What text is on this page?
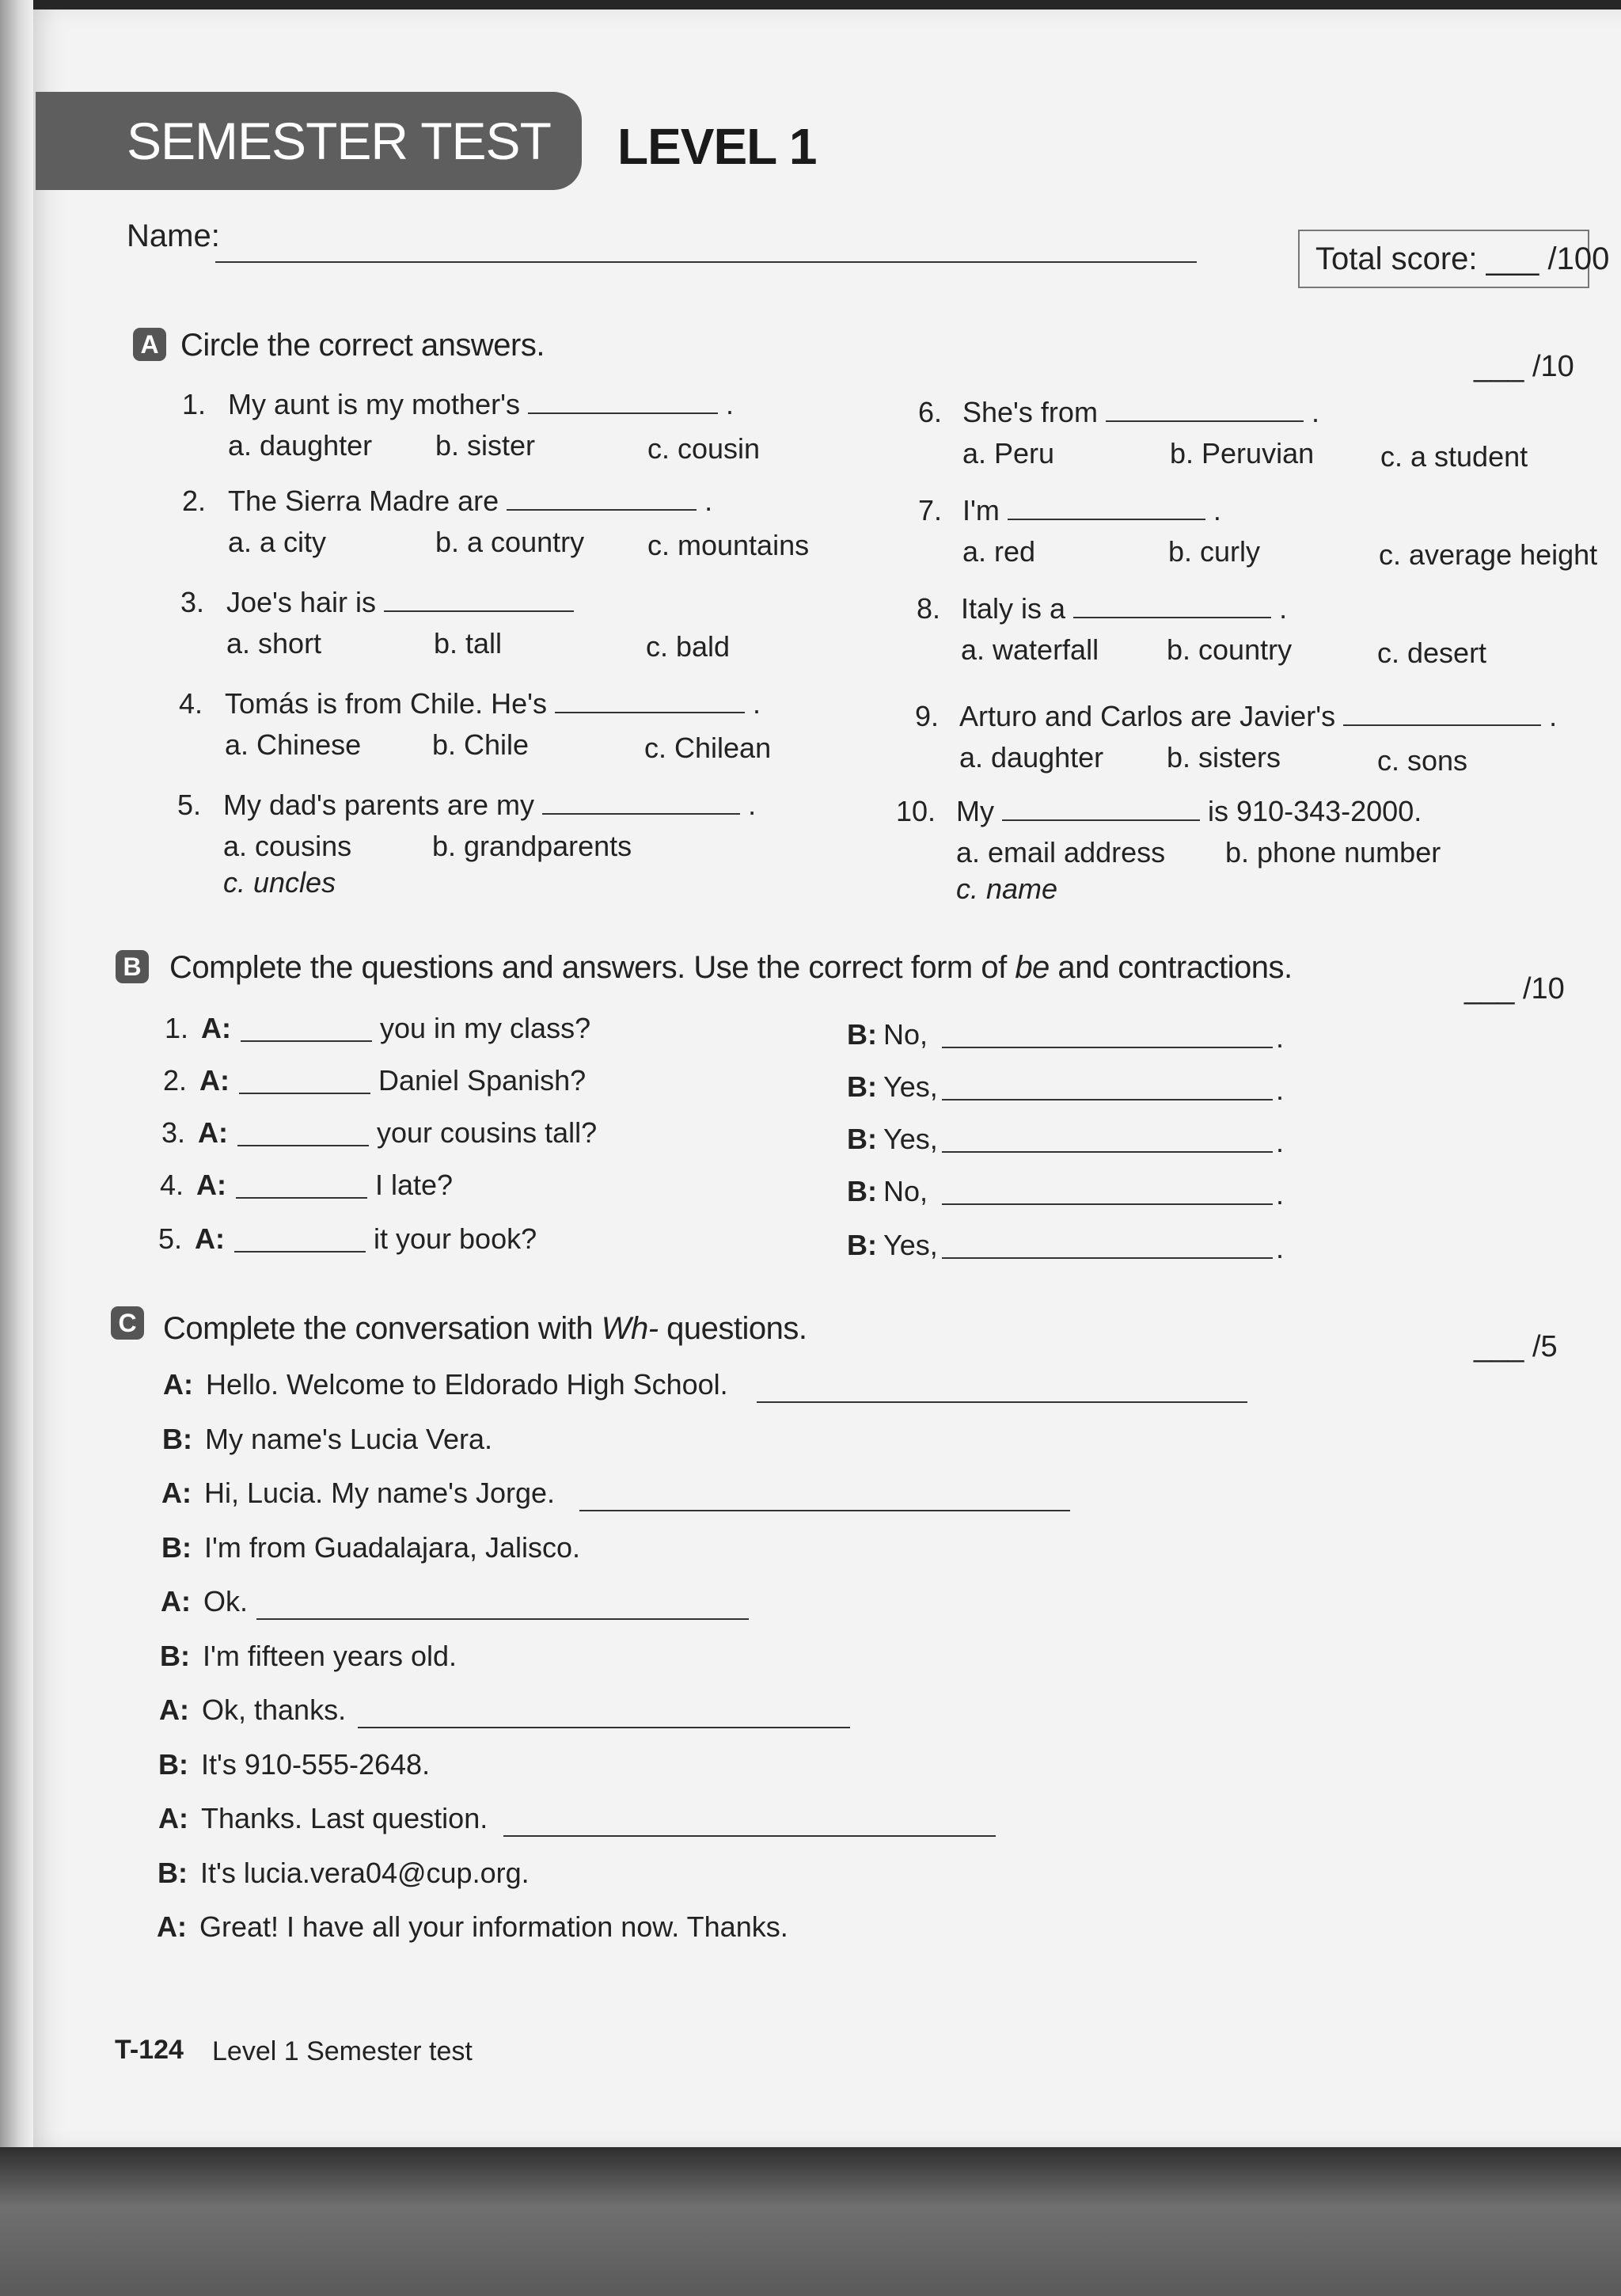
SEMESTER TEST LEVEL 1
Name:
Total score: ___ /100
A Circle the correct answers.
___ /10
1. My aunt is my mother's	.
a. daughter b. sister	c. cousin
2. The Sierra Madre are	.
a. a city	b. a country c. mountains
3. Joe's hair is
a. short	b. tall	c. bald
4. Tomás is from Chile. He's	.
a. Chinese b. Chile	c. Chilean
5. My dad's parents are my	.
a. cousins	b. grandparents
c. uncles
6. She's from	.
a. Peru	b. Peruvian c. a student
7. I'm	.
a. red	b. curly	c. average height
8. Italy is a	.
a. waterfall b. country	c. desert
9. Arturo and Carlos are Javier's	.
a. daughter b. sisters	c. sons
10. My	is 910-343-2000.
a. email address b. phone number
c. name
B Complete the questions and answers. Use the correct form of be and contractions.
___ /10
1. A:	you in my class?	B: No,	.
2. A:	Daniel Spanish?	B: Yes,	.
3. A:	your cousins tall?	B: Yes,	.
4. A:	I late?	B: No,	.
5. A:	it your book?	B: Yes,	.
C Complete the conversation with Wh- questions.
___ /5
A: Hello. Welcome to Eldorado High School.
B: My name's Lucia Vera.
A: Hi, Lucia. My name's Jorge.
B: I'm from Guadalajara, Jalisco.
A: Ok.
B: I'm fifteen years old.
A: Ok, thanks.
B: It's 910-555-2648.
A: Thanks. Last question.
B: It's lucia.vera04@cup.org.
A: Great! I have all your information now. Thanks.
T-124 Level 1 Semester test
